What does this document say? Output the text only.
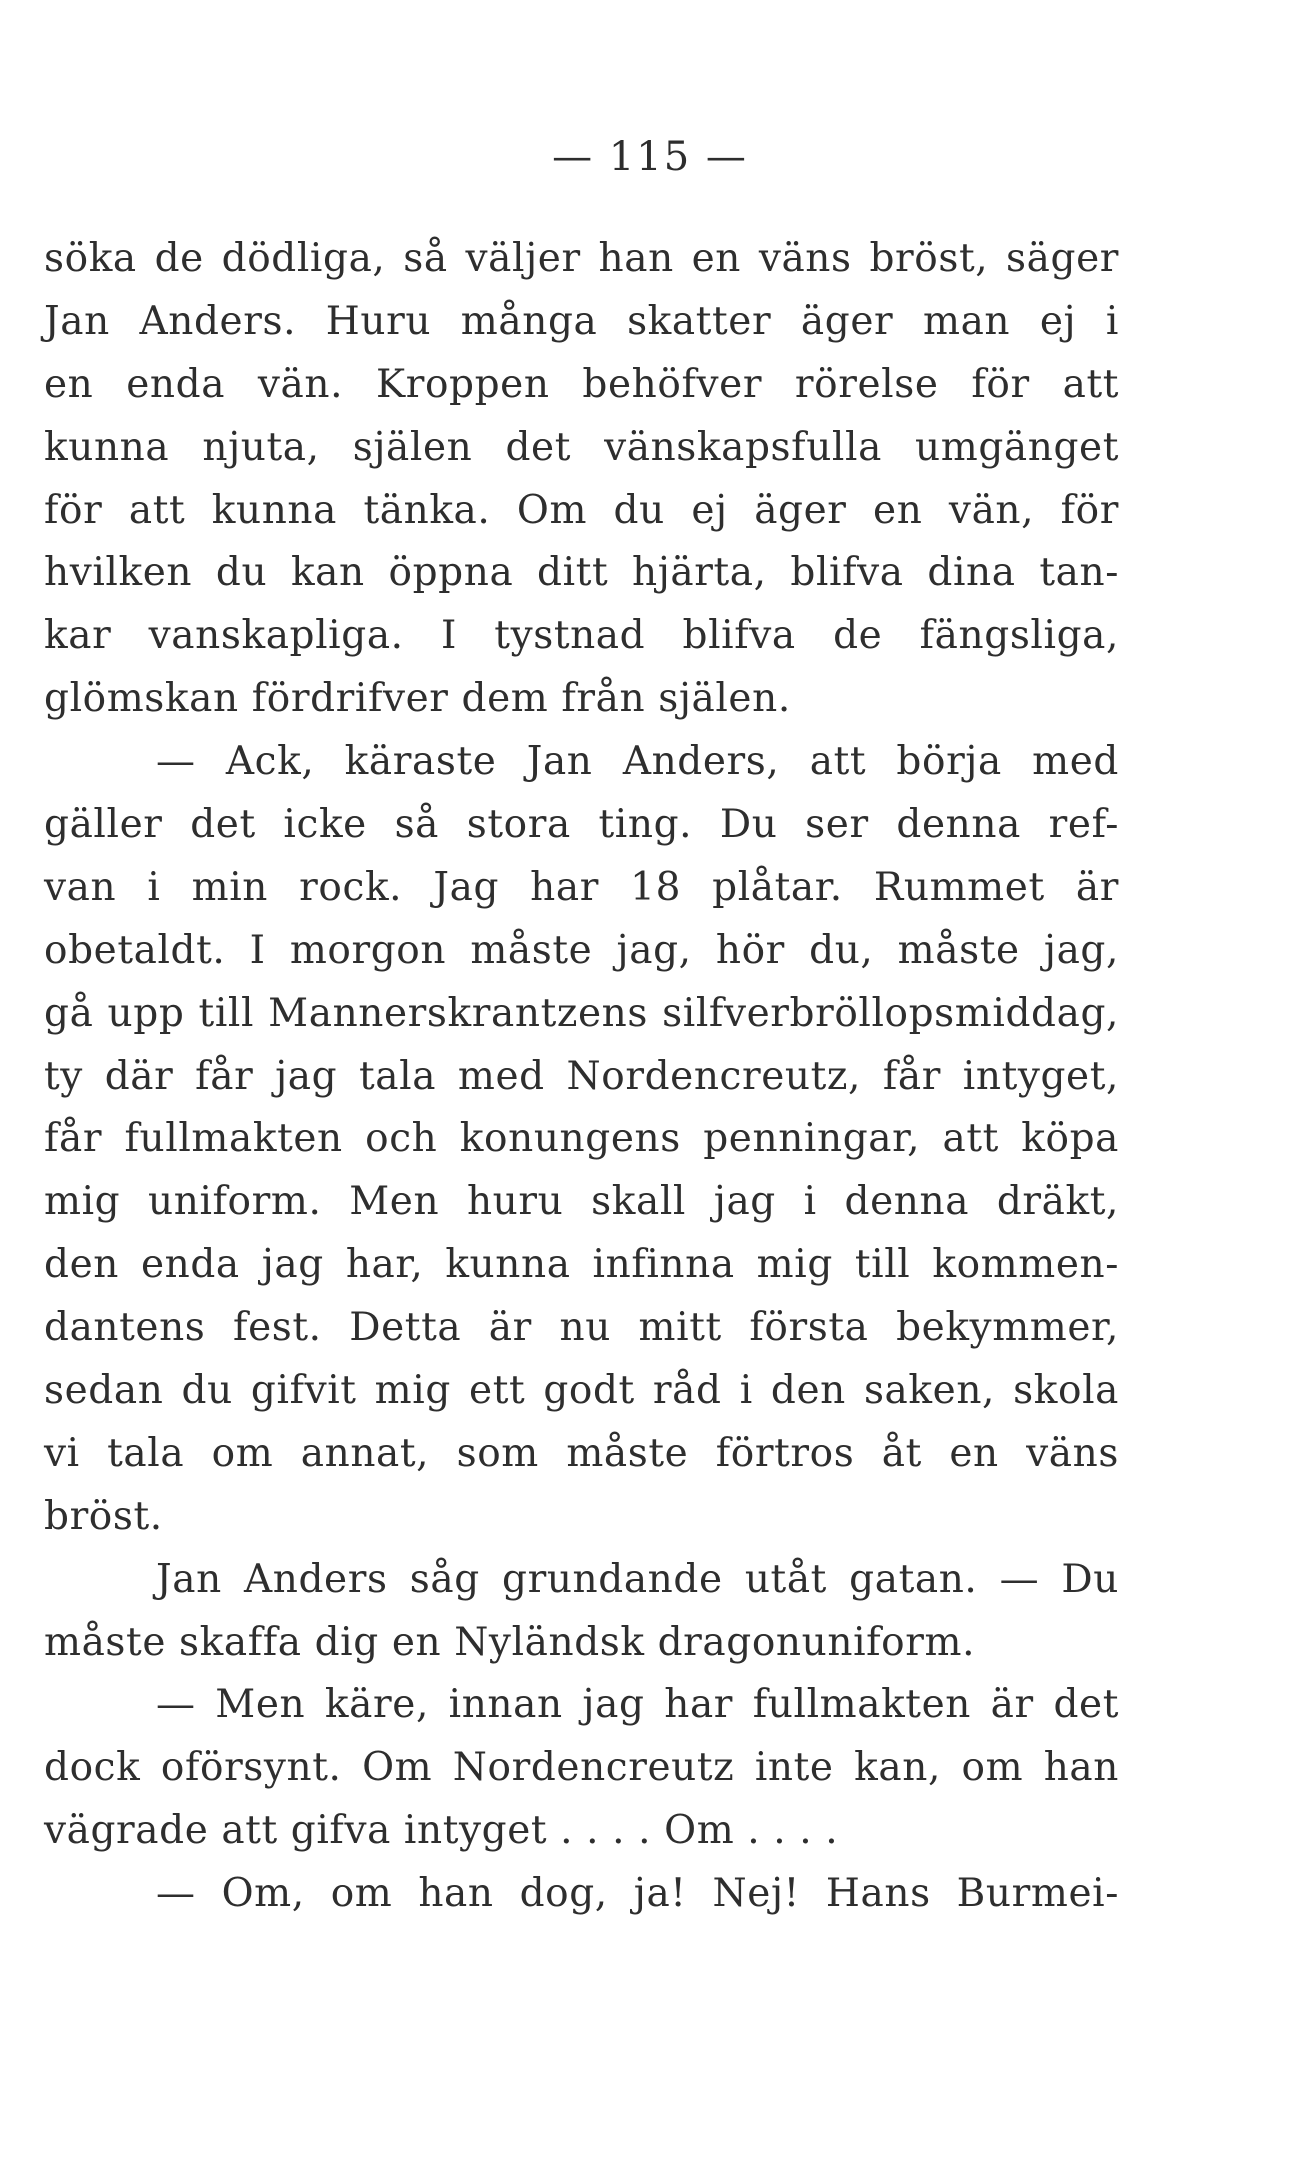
— 115 —
söka de dödliga, så väljer han en väns bröst, säger
Jan Anders. Huru många skatter äger man ej i
en enda vän. Kroppen behöfver rörelse för att
kunna njuta, själen det vänskapsfulla umgänget
för att kunna tänka. Om du ej äger en vän, för
hvilken du kan öppna ditt hjärta, blifva dina tan-
kar vanskapliga. I tystnad blifva de fängsliga,
glömskan fördrifver dem från själen.
— Ack, käraste Jan Anders, att börja med
gäller det icke så stora ting. Du ser denna ref-
van i min rock. Jag har 18 plåtar. Rummet är
obetaldt. I morgon måste jag, hör du, måste jag,
gå upp till Mannerskrantzens silfverbröllopsmiddag,
ty där får jag tala med Nordencreutz, får intyget,
får fullmakten och konungens penningar, att köpa
mig uniform. Men huru skall jag i denna dräkt,
den enda jag har, kunna infinna mig till kommen-
dantens fest. Detta är nu mitt första bekymmer,
sedan du gifvit mig ett godt råd i den saken, skola
vi tala om annat, som måste förtros åt en väns
bröst.
Jan Anders såg grundande utåt gatan. — Du
måste skaffa dig en Nyländsk dragonuniform.
— Men käre, innan jag har fullmakten är det
dock oförsynt. Om Nordencreutz inte kan, om han
vägrade att gifva intyget . . . . Om . . . .
— Om, om han dog, ja! Nej! Hans Burmei-
